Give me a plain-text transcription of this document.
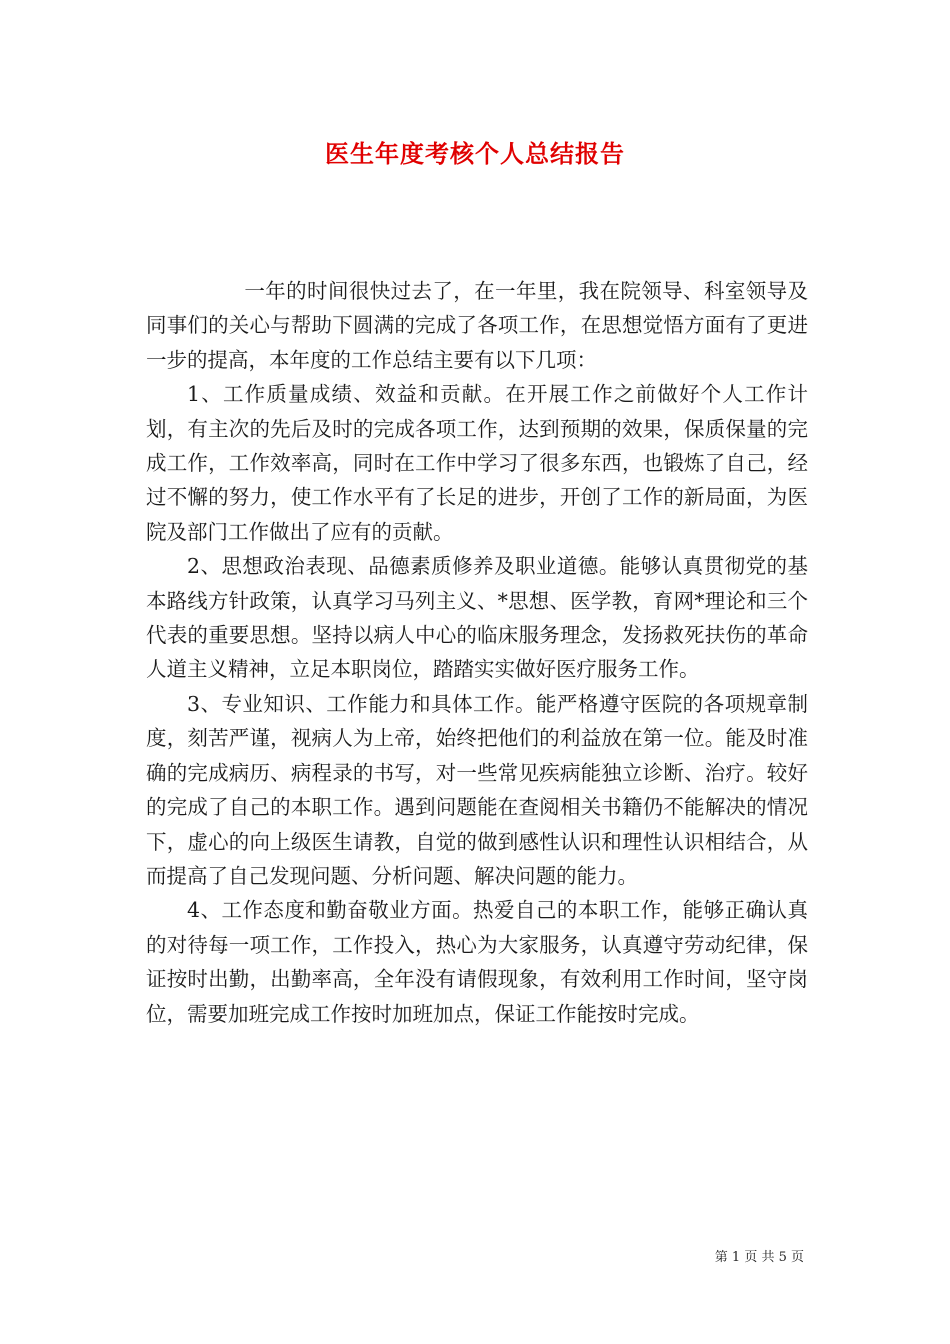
医生年度考核个人总结报告

一年的时间很快过去了，在一年里，我在院领导、科室领导及同事们的关心与帮助下圆满的完成了各项工作，在思想觉悟方面有了更进一步的提高，本年度的工作总结主要有以下几项：

1、工作质量成绩、效益和贡献。在开展工作之前做好个人工作计划，有主次的先后及时的完成各项工作，达到预期的效果，保质保量的完成工作，工作效率高，同时在工作中学习了很多东西，也锻炼了自己，经过不懈的努力，使工作水平有了长足的进步，开创了工作的新局面，为医院及部门工作做出了应有的贡献。

2、思想政治表现、品德素质修养及职业道德。能够认真贯彻党的基本路线方针政策，认真学习马列主义、*思想、医学教，育网*理论和三个代表的重要思想。坚持以病人中心的临床服务理念，发扬救死扶伤的革命人道主义精神，立足本职岗位，踏踏实实做好医疗服务工作。

3、专业知识、工作能力和具体工作。能严格遵守医院的各项规章制度，刻苦严谨，视病人为上帝，始终把他们的利益放在第一位。能及时准确的完成病历、病程录的书写，对一些常见疾病能独立诊断、治疗。较好的完成了自己的本职工作。遇到问题能在查阅相关书籍仍不能解决的情况下，虚心的向上级医生请教，自觉的做到感性认识和理性认识相结合，从而提高了自己发现问题、分析问题、解决问题的能力。

4、工作态度和勤奋敬业方面。热爱自己的本职工作，能够正确认真的对待每一项工作，工作投入，热心为大家服务，认真遵守劳动纪律，保证按时出勤，出勤率高，全年没有请假现象，有效利用工作时间，坚守岗位，需要加班完成工作按时加班加点，保证工作能按时完成。

第 1 页 共 5 页
